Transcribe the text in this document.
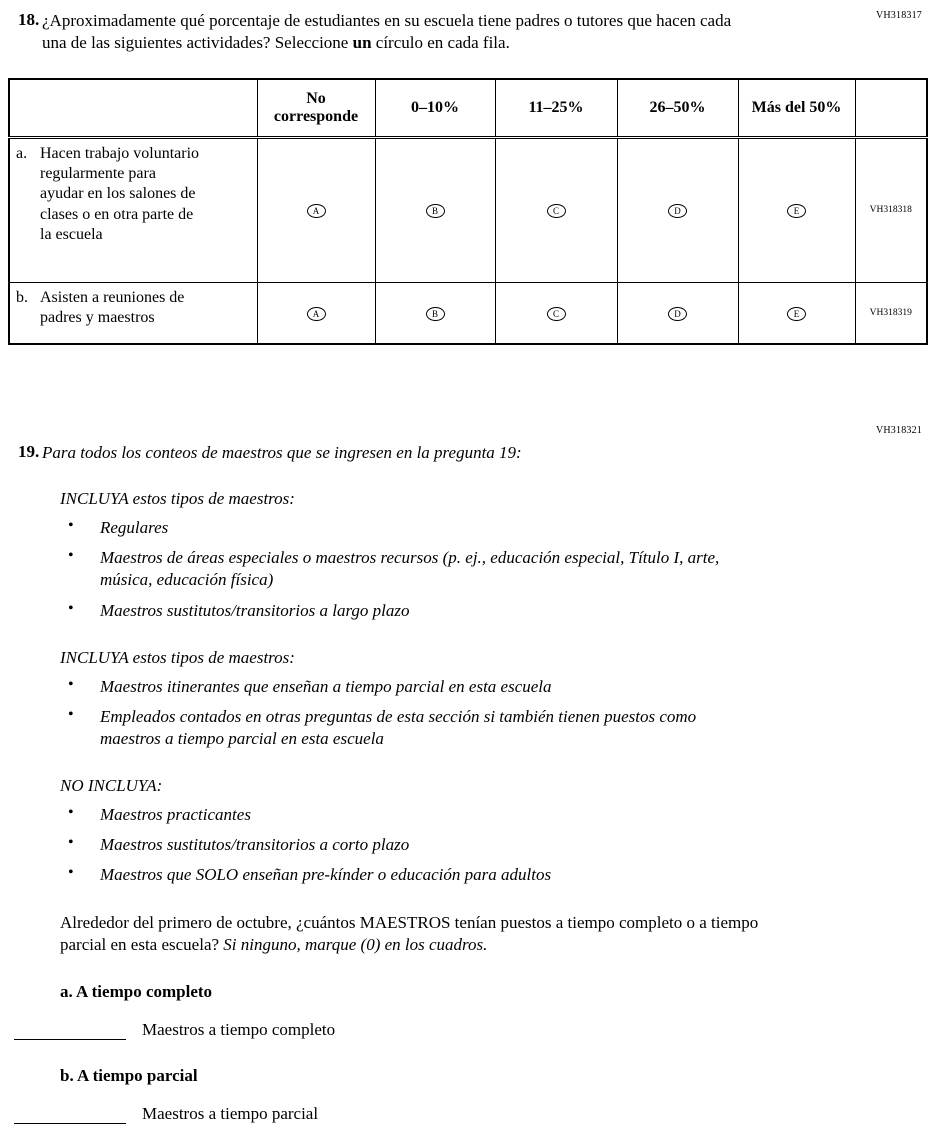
VH318317
18. ¿Aproximadamente qué porcentaje de estudiantes en su escuela tiene padres o tutores que hacen cada una de las siguientes actividades? Seleccione un círculo en cada fila.
	No corresponde	0–10%	11–25%	26–50%	Más del 50%	

a. Hacen trabajo voluntario regularmente para ayudar en los salones de clases o en otra parte de la escuela	A	B	C	D	E	VH318318

b. Asisten a reuniones de padres y maestros	A	B	C	D	E	VH318319
VH318321
19. Para todos los conteos de maestros que se ingresen en la pregunta 19:
INCLUYA estos tipos de maestros:
•	Regulares
•	Maestros de áreas especiales o maestros recursos (p. ej., educación especial, Título I, arte, música, educación física)
•	Maestros sustitutos/transitorios a largo plazo
INCLUYA estos tipos de maestros:
•	Maestros itinerantes que enseñan a tiempo parcial en esta escuela
•	Empleados contados en otras preguntas de esta sección si también tienen puestos como maestros a tiempo parcial en esta escuela
NO INCLUYA:
•	Maestros practicantes
•	Maestros sustitutos/transitorios a corto plazo
•	Maestros que SOLO enseñan pre-kínder o educación para adultos

Alrededor del primero de octubre, ¿cuántos MAESTROS tenían puestos a tiempo completo o a tiempo parcial en esta escuela? Si ninguno, marque (0) en los cuadros.

a. A tiempo completo
Maestros a tiempo completo
b. A tiempo parcial
Maestros a tiempo parcial
